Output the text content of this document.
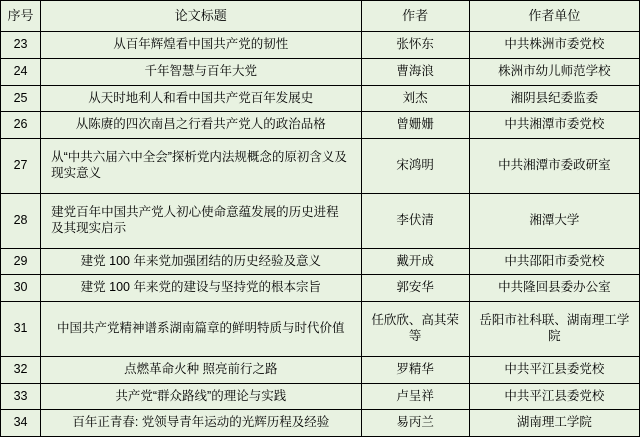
序号	论文标题	作者	作者单位
23	从百年辉煌看中国共产党的韧性	张怀东	中共株洲市委党校
24	千年智慧与百年大党	曹海浪	株洲市幼儿师范学校
25	从天时地利人和看中国共产党百年发展史	刘杰	湘阴县纪委监委
26	从陈赓的四次南昌之行看共产党人的政治品格	曾姗姗	中共湘潭市委党校
27	从“中共六届六中全会”探析党内法规概念的原初含义及现实意义	宋鸿明	中共湘潭市委政研室
28	建党百年中国共产党人初心使命意蕴发展的历史进程及其现实启示	李伏清	湘潭大学
29	建党 100 年来党加强团结的历史经验及意义	戴开成	中共邵阳市委党校
30	建党 100 年来党的建设与坚持党的根本宗旨	郭安华	中共隆回县委办公室
31	中国共产党精神谱系湖南篇章的鲜明特质与时代价值	任欣欣、高其荣等	岳阳市社科联、湖南理工学院
32	点燃革命火种 照亮前行之路	罗精华	中共平江县委党校
33	共产党“群众路线”的理论与实践	卢呈祥	中共平江县委党校
34	百年正青春: 党领导青年运动的光辉历程及经验	易丙兰	湖南理工学院
